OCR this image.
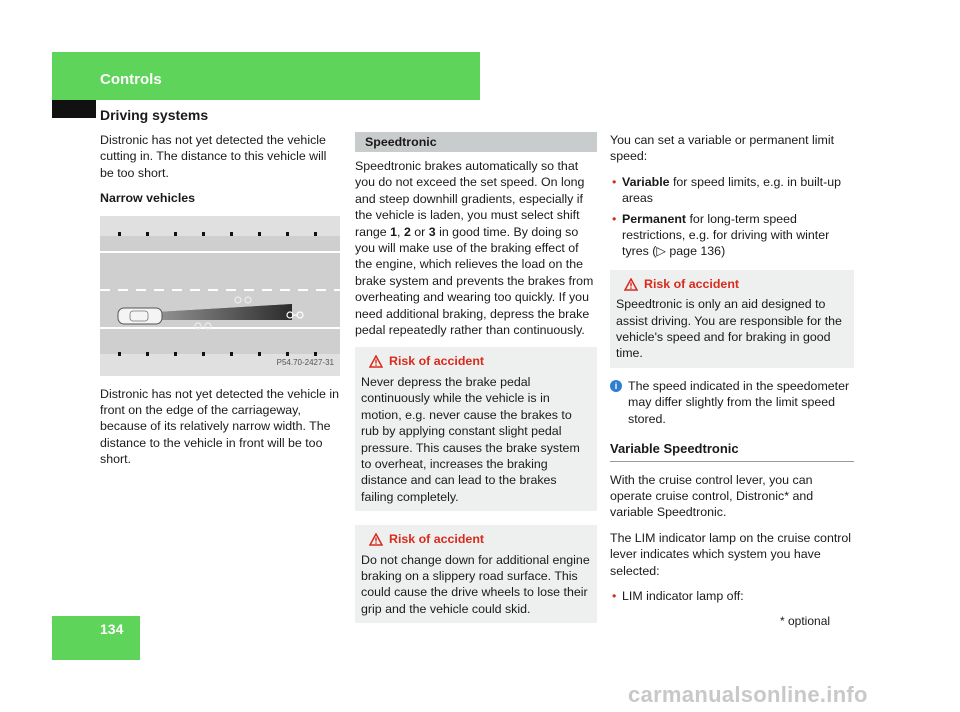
Controls
Driving systems

Distronic has not yet detected the vehicle cutting in. The distance to this vehicle will be too short.

Narrow vehicles

P54.70-2427-31

Distronic has not yet detected the vehicle in front on the edge of the carriageway, because of its relatively narrow width. The distance to the vehicle in front will be too short.

Speedtronic

Speedtronic brakes automatically so that you do not exceed the set speed. On long and steep downhill gradients, especially if the vehicle is laden, you must select shift range 1, 2 or 3 in good time. By doing so you will make use of the braking effect of the engine, which relieves the load on the brake system and prevents the brakes from overheating and wearing too quickly. If you need additional braking, depress the brake pedal repeatedly rather than continuously.

Risk of accident

Never depress the brake pedal continuously while the vehicle is in motion, e.g. never cause the brakes to rub by applying constant slight pedal pressure. This causes the brake system to overheat, increases the braking distance and can lead to the brakes failing completely.

Risk of accident

Do not change down for additional engine braking on a slippery road surface. This could cause the drive wheels to lose their grip and the vehicle could skid.

You can set a variable or permanent limit speed:

• Variable for speed limits, e.g. in built-up areas
• Permanent for long-term speed restrictions, e.g. for driving with winter tyres (▷ page 136)
Risk of accident

Speedtronic is only an aid designed to assist driving. You are responsible for the vehicle's speed and for braking in good time.

i The speed indicated in the speedometer may differ slightly from the limit speed stored.
Variable Speedtronic

With the cruise control lever, you can operate cruise control, Distronic* and variable Speedtronic.

The LIM indicator lamp on the cruise control lever indicates which system you have selected:

• LIM indicator lamp off:
134	* optional
carmanualsonline.info
